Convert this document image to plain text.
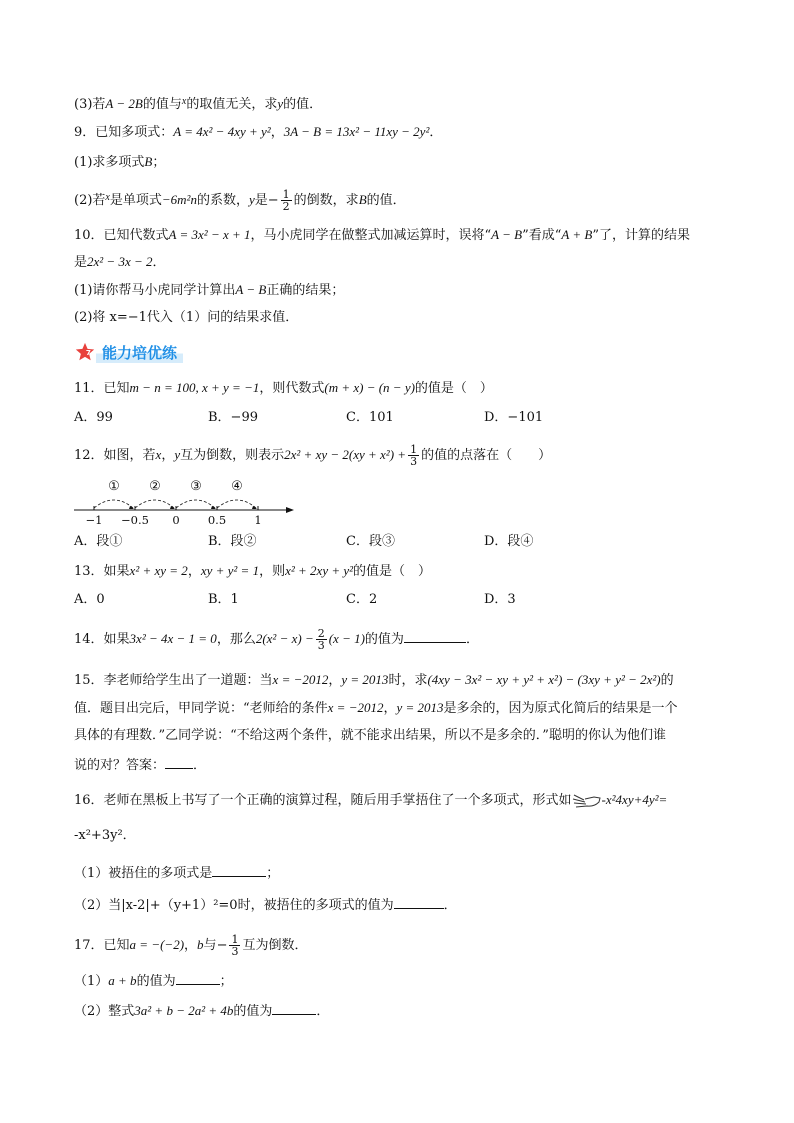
(3)若A − 2B的值与$^x$的取值无关，求y的值．
9．已知多项式：A = 4x² − 4xy + y²，3A − B = 13x² − 11xy − 2y²．
(1)求多项式B；
(2)若$^x$是单项式−6m²n的系数，y是− $\frac{1}{2}$ 的倒数，求B的值．
10．已知代数式A = 3x² − x + 1，马小虎同学在做整式加减运算时，误将“A − B”看成“A + B”了，计算的结果
是2x² − 3x − 2．
(1)请你帮马小虎同学计算出A − B正确的结果；
(2)将 x=−1代入（1）问的结果求值．
7 能力培优练
11．已知m − n = 100, x + y = −1，则代数式(m + x) − (n − y)的值是（　）
A．99	B．−99	C．101	D．−101
12．如图，若x，y互为倒数，则表示2x² + xy − $2(xy + x^2) + \frac{1}{3}$ 的值的点落在（　　）
① ② ③ ④
−1 −0.5 0 0.5 1
A．段①	B．段②	C．段③	D．段④
13．如果x² + xy = 2，xy + y² = 1，则x² + 2xy + y²的值是（　）
A．0	B．1	C．2	D．3
14．如果3x² − 4x − 1 = 0，那么$2(x^2 - x) - \frac{2}{3} (x - 1)$的值为	．
15．李老师给学生出了一道题：当x = −2012，y = 2013时，求(4xy − 3x² − xy + y² + x²) − (3xy + y² − 2x²)的
值．题目出完后，甲同学说：“老师给的条件x = −2012，y = 2013是多余的，因为原式化简后的结果是一个
具体的有理数．”乙同学说：“不给这两个条件，就不能求出结果，所以不是多余的．”聪明的你认为他们谁
说的对？答案： ．
16．老师在黑板上书写了一个正确的演算过程，随后用手掌捂住了一个多项式，形式如 -x²4xy+4y²=
-x²+3y²．
（1）被捂住的多项式是	；
（2）当|x-2|+（y+1）²=0时，被捂住的多项式的值为	．
17．已知a = −(−2)，b与− $\frac{1}{3}$ 互为倒数．
（1）a + b的值为	；
（2）整式3a² + b − 2a² + 4b的值为	．
